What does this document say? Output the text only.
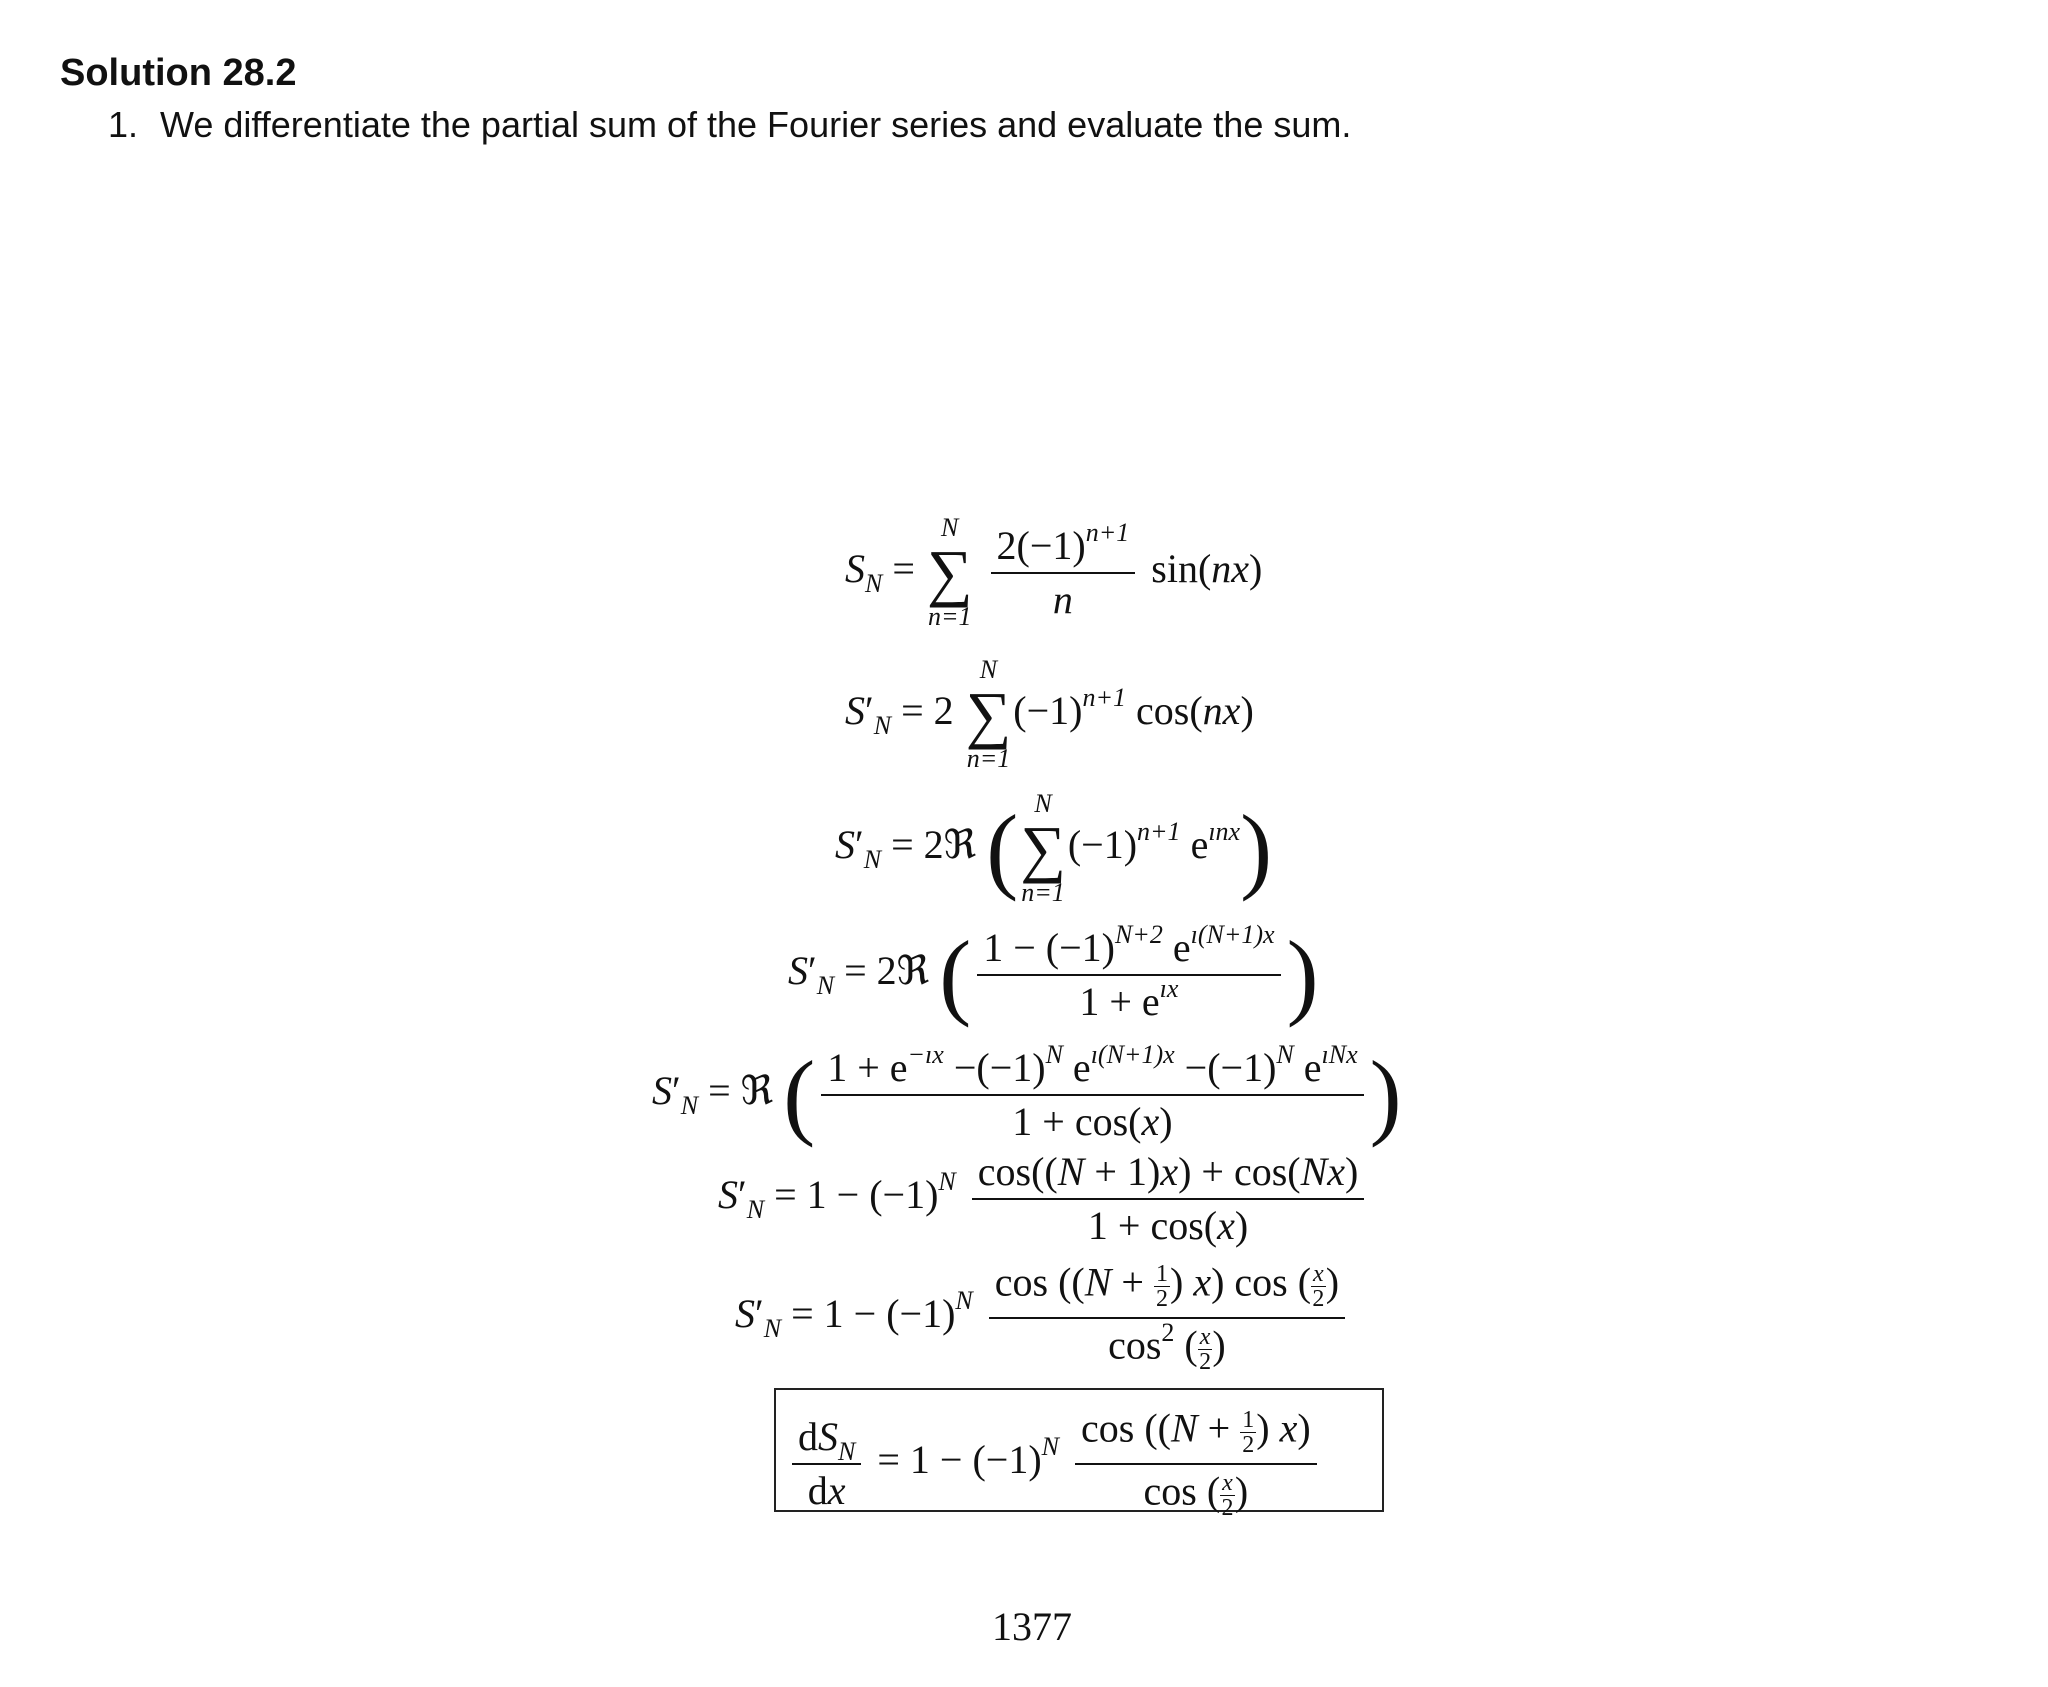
Solution 28.2
1. We differentiate the partial sum of the Fourier series and evaluate the sum.
$S_N$ =
N
∑
n=1
$\frac{2(-1)^{n+1}}{n} \sin(nx)$
$S'_N = 2$
N
∑
n=1
$(-1)^{n+1}$ cos(nx)
$S'_N$ = 2ℜ ( N
∑
n=1
$(-1)^{n+1}$ $e^{ınx}$)
$S'_N$ = 2ℜ ( $\frac{1 - (-1)^{N+2} e^{ı(N+1)x}}{1 + e^{ıx}}$ )
$S'_N$ = ℜ ( $\frac{1 + e^{-ıx} -(-1)^N e^{ı(N+1)x} -(-1)^N e^{ıNx}}{1 + \cos(x)}$ )
$S'_N = 1 - (-1)^N \frac{\cos((N + 1)x) + \cos(Nx)}{1 + \cos(x)}$
$S'_N = 1 - (-1)^N \frac{\cos ((N + \frac{1}{2} ) x) \cos ( \frac{x}{2} )}{\cos^2 ( \frac{x}{2} )}$
$\frac{dS_N}{dx} = 1 - (-1)^N \frac{\cos ((N + \frac{1}{2} ) x)}{\cos ( \frac{x}{2} )}$
1377
